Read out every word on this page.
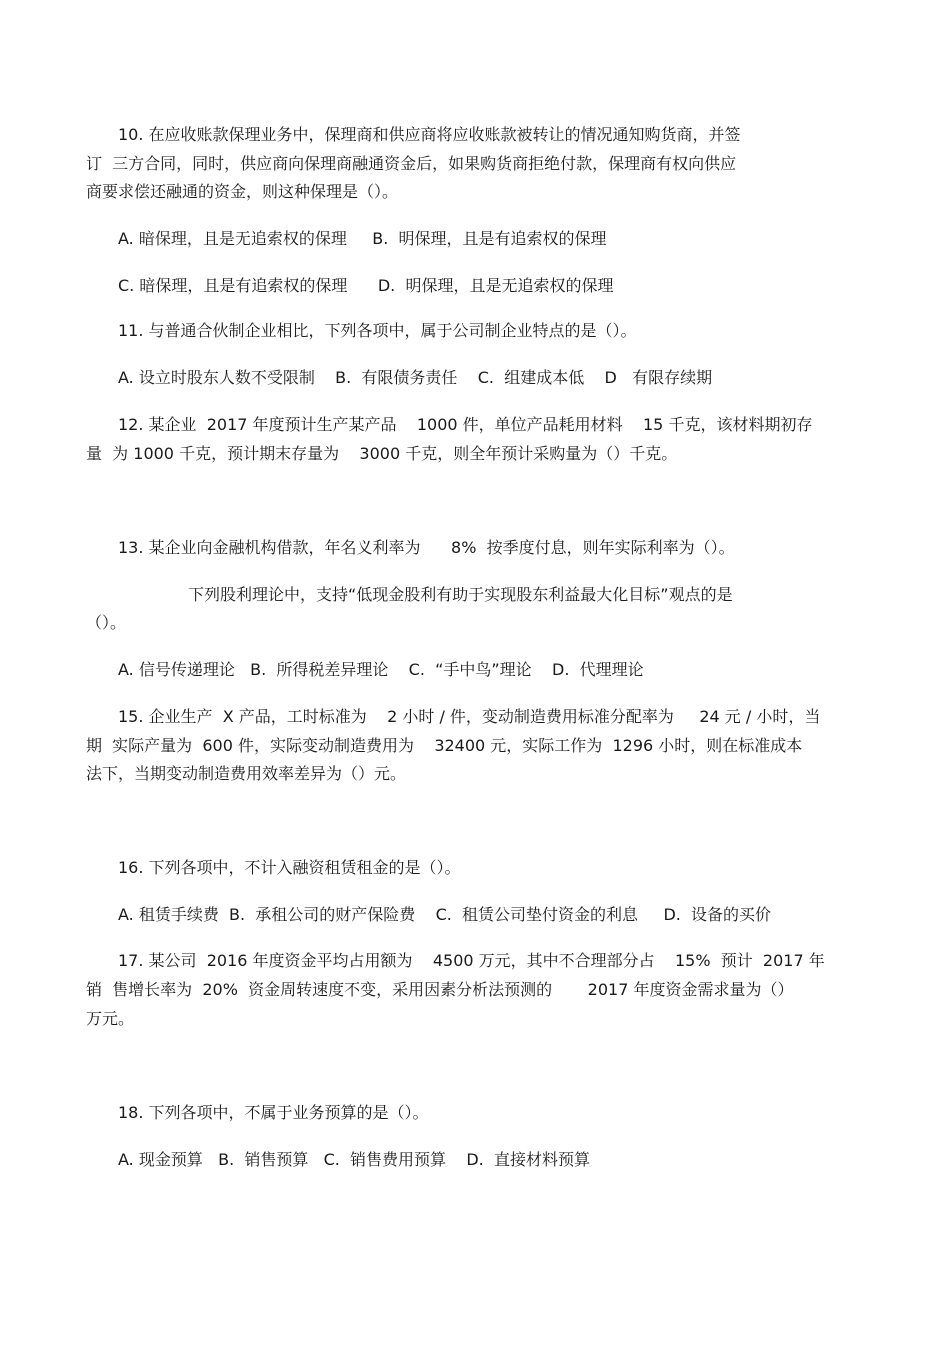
10. 在应收账款保理业务中，保理商和供应商将应收账款被转让的情况通知购货商，并签
订  三方合同，同时，供应商向保理商融通资金后，如果购货商拒绝付款，保理商有权向供应
商要求偿还融通的资金，则这种保理是（）。
A. 暗保理，且是无追索权的保理     B.  明保理，且是有追索权的保理
C. 暗保理，且是有追索权的保理      D.  明保理，且是无追索权的保理
11. 与普通合伙制企业相比，下列各项中，属于公司制企业特点的是（）。
A. 设立时股东人数不受限制    B.  有限债务责任    C.  组建成本低    D   有限存续期
12. 某企业  2017 年度预计生产某产品    1000 件，单位产品耗用材料    15 千克，该材料期初存
量  为 1000 千克，预计期末存量为    3000 千克，则全年预计采购量为（）千克。
13. 某企业向金融机构借款，年名义利率为      8%  按季度付息，则年实际利率为（）。
下列股利理论中，支持“低现金股利有助于实现股东利益最大化目标”观点的是
（）。
A. 信号传递理论   B.  所得税差异理论    C.  “手中鸟”理论    D.  代理理论
15. 企业生产  X 产品，工时标准为    2 小时 / 件，变动制造费用标准分配率为     24 元 / 小时，当
期  实际产量为  600 件，实际变动制造费用为    32400 元，实际工作为  1296 小时，则在标准成本
法下，当期变动制造费用效率差异为（）元。
16. 下列各项中，不计入融资租赁租金的是（）。
A. 租赁手续费  B.  承租公司的财产保险费    C.  租赁公司垫付资金的利息     D.  设备的买价
17. 某公司  2016 年度资金平均占用额为    4500 万元，其中不合理部分占    15%  预计  2017 年
销  售增长率为  20%  资金周转速度不变，采用因素分析法预测的       2017 年度资金需求量为（）
万元。
18. 下列各项中，不属于业务预算的是（）。
A. 现金预算   B.  销售预算   C.  销售费用预算    D.  直接材料预算
